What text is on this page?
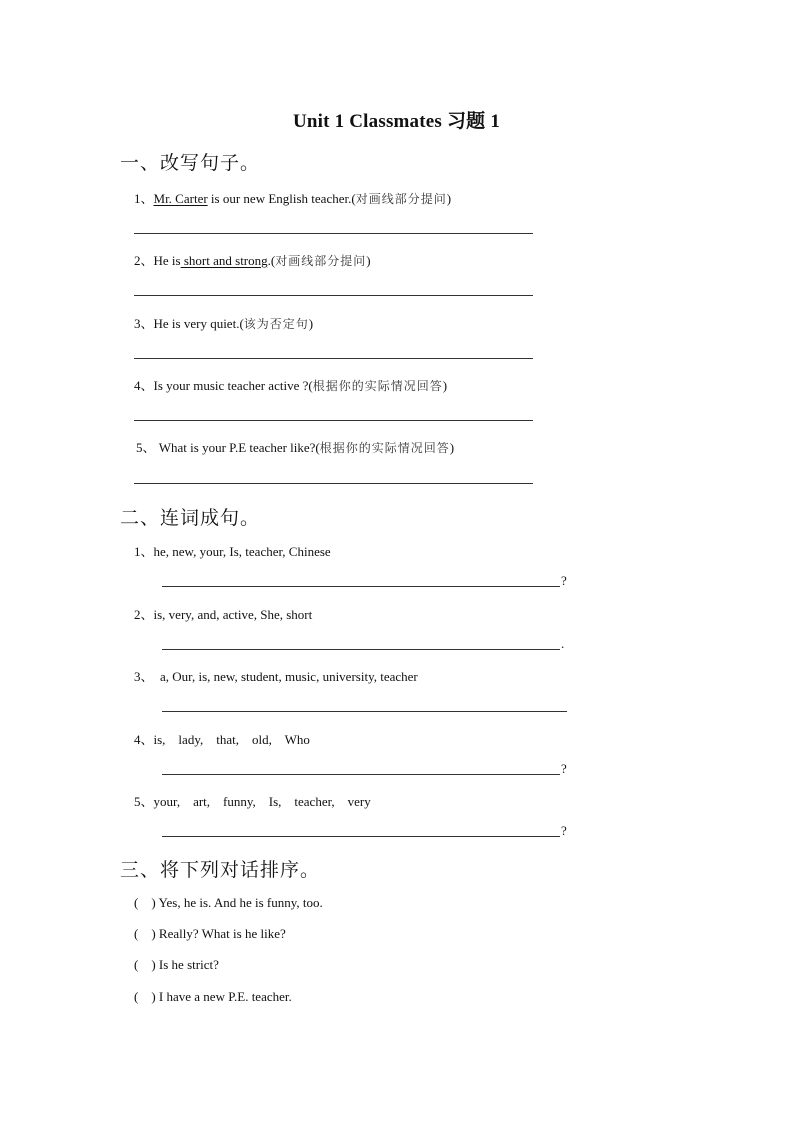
Unit 1 Classmates 习题 1
一、改写句子。
1、Mr. Carter is our new English teacher.(对画线部分提问)
2、He is short and strong.(对画线部分提问)
3、He is very quiet.(该为否定句)
4、Is your music teacher active ?(根据你的实际情况回答)
5、 What is your P.E teacher like?(根据你的实际情况回答)
二、连词成句。
1、he, new, your, Is, teacher, Chinese
?
2、is, very, and, active, She, short
.
3、  a, Our, is, new, student, music, university, teacher
4、is,    lady,    that,    old,    Who
?
5、your,    art,    funny,    Is,    teacher,    very
?
三、将下列对话排序。
(    ) Yes, he is. And he is funny, too.
(    ) Really? What is he like?
(    ) Is he strict?
(    ) I have a new P.E. teacher.
